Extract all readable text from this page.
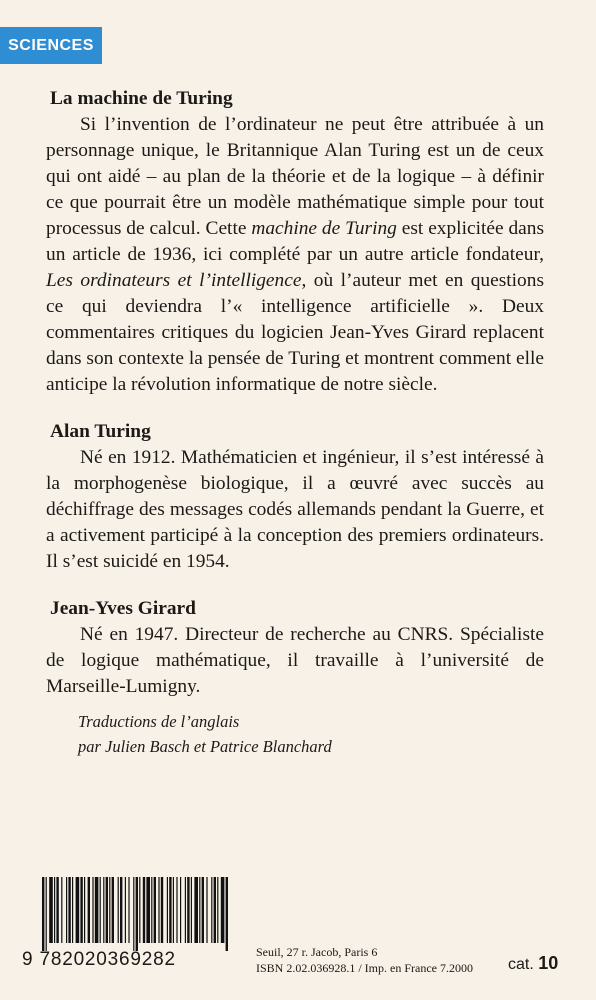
SCIENCES
La machine de Turing

Si l’invention de l’ordinateur ne peut être attribuée à un personnage unique, le Britannique Alan Turing est un de ceux qui ont aidé – au plan de la théorie et de la logique – à définir ce que pourrait être un modèle mathématique simple pour tout processus de calcul. Cette machine de Turing est explicitée dans un article de 1936, ici complété par un autre article fondateur, Les ordinateurs et l’intelligence, où l’auteur met en questions ce qui deviendra l’« intelligence artificielle ». Deux commentaires critiques du logicien Jean-Yves Girard replacent dans son contexte la pensée de Turing et montrent comment elle anticipe la révolution informatique de notre siècle.

Alan Turing

Né en 1912. Mathématicien et ingénieur, il s’est intéressé à la morphogenèse biologique, il a œuvré avec succès au déchiffrage des messages codés allemands pendant la Guerre, et a activement participé à la conception des premiers ordinateurs. Il s’est suicidé en 1954.

Jean-Yves Girard

Né en 1947. Directeur de recherche au CNRS. Spécialiste de logique mathématique, il travaille à l’université de Marseille-Lumigny.

Traductions de l’anglais
par Julien Basch et Patrice Blanchard
9 782020369282	Seuil, 27 r. Jacob, Paris 6
ISBN 2.02.036928.1 / Imp. en France 7.2000 cat. 10
